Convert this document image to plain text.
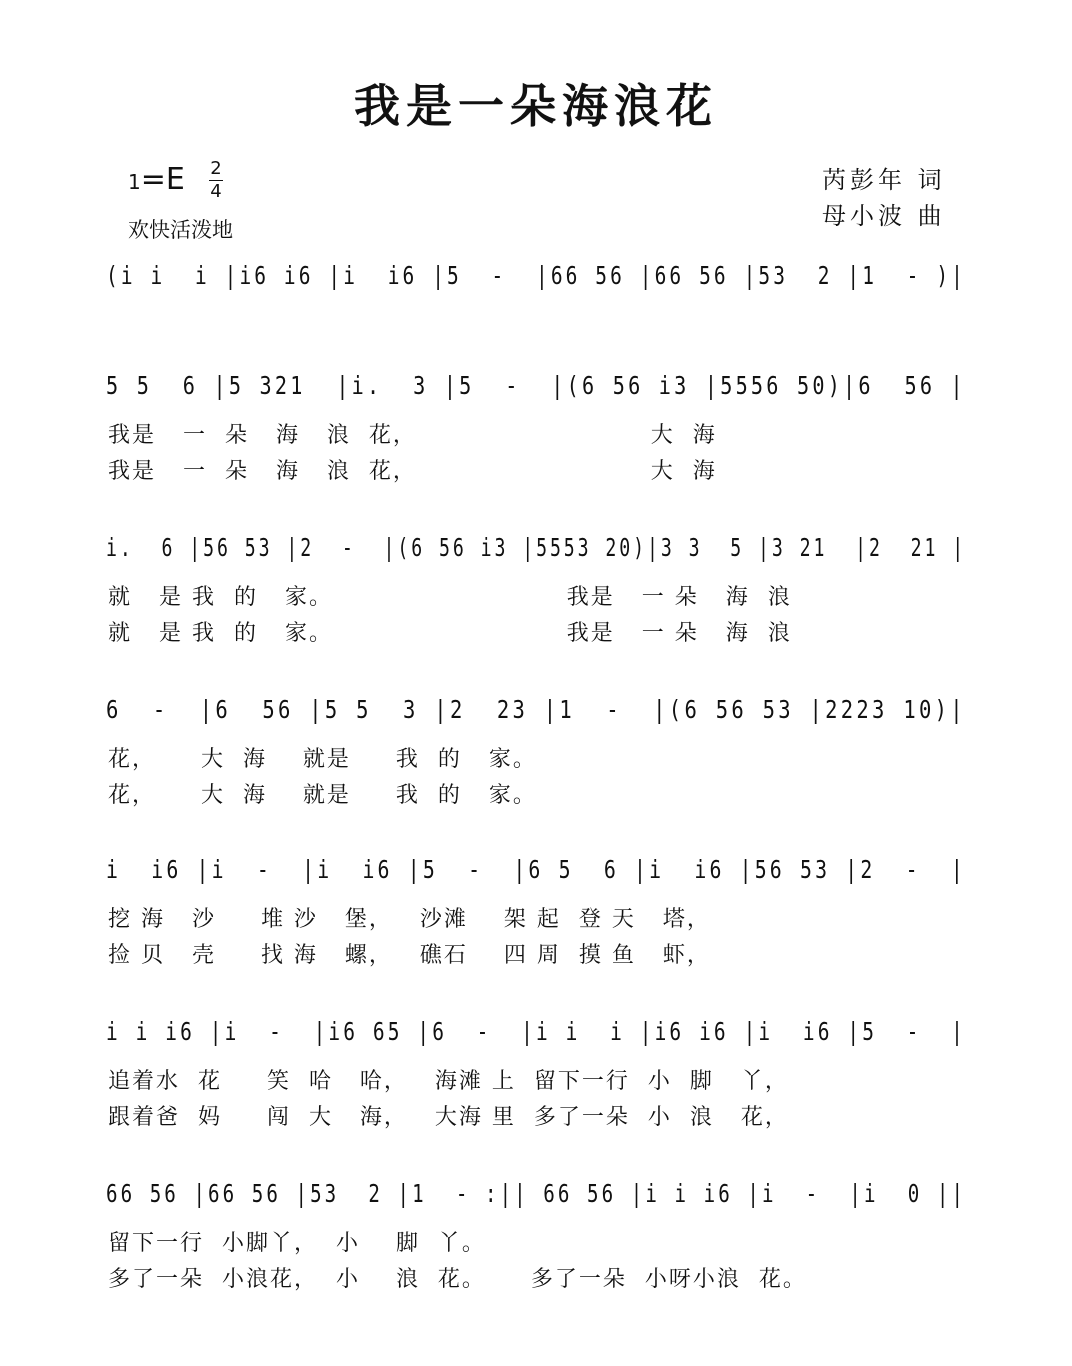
我是一朵海浪花
1=E 2
4
欢快活泼地
芮彭年 词
母小波 曲
(i i  i |i6 i6 |i  i6 |5  -  |66 56 |66 56 |53  2 |1  - )|
5 5  6 |5 321  |i.  3 |5  -  |(6 56 i3 |5556 50)|6  56 |
我是   一  朵   海   浪  花，                          大  海
我是   一  朵   海   浪  花，                          大  海
i.  6 |56 53 |2  -  |(6 56 i3 |5553 20)|3 3  5 |3 21  |2  21 |
就   是 我  的   家。                          我是   一 朵   海  浪
就   是 我  的   家。                          我是   一 朵   海  浪
6  -  |6  56 |5 5  3 |2  23 |1  -  |(6 56 53 |2223 10)|
花，     大  海    就是     我  的   家。
花，     大  海    就是     我  的   家。
i  i6 |i  -  |i  i6 |5  -  |6 5  6 |i  i6 |56 53 |2  -  |
挖 海   沙     堆 沙   堡，   沙滩    架 起  登 天   塔，
捡 贝   壳     找 海   螺，   礁石    四 周  摸 鱼   虾，
i i i6 |i  -  |i6 65 |6  -  |i i  i |i6 i6 |i  i6 |5  -  |
追着水  花     笑  哈   哈，   海滩 上  留下一行  小  脚   丫，
跟着爸  妈     闯  大   海，   大海 里  多了一朵  小  浪   花，
66 56 |66 56 |53  2 |1  - :|| 66 56 |i i i6 |i  -  |i  0 ||
留下一行  小脚丫，  小    脚  丫。
多了一朵  小浪花，  小    浪  花。     多了一朵  小呀小浪  花。
